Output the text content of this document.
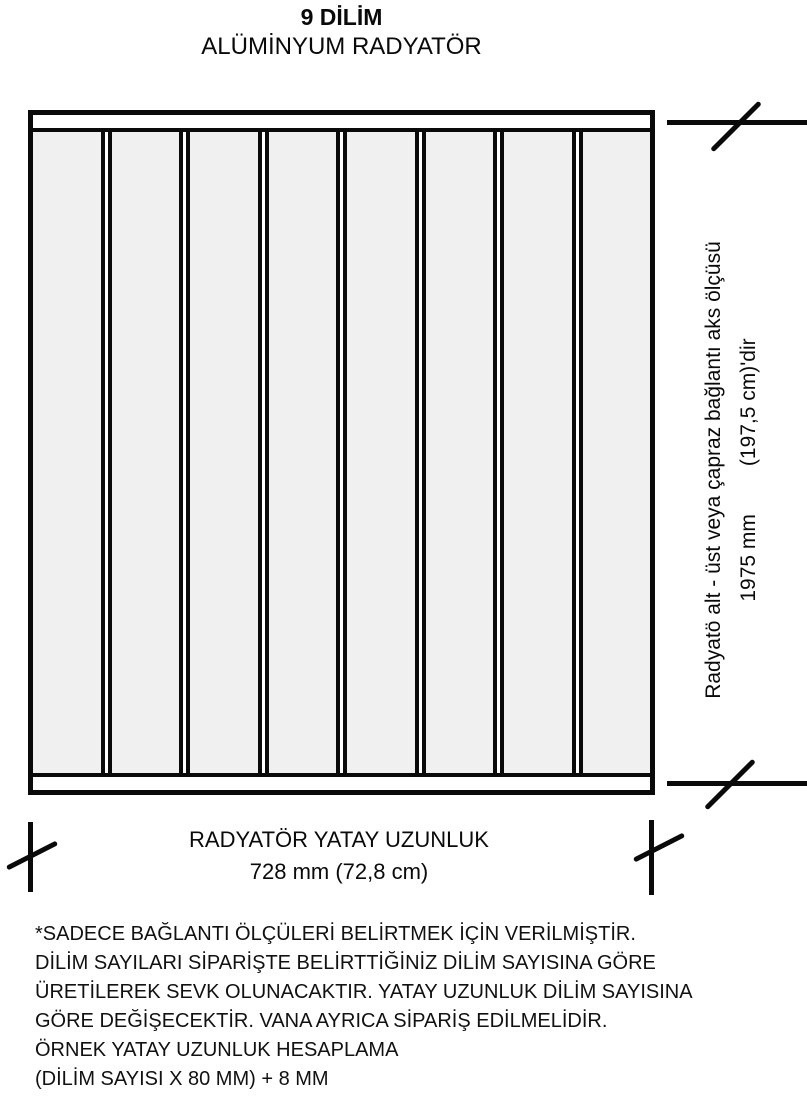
9 DİLİM
ALÜMİNYUM RADYATÖR
Radyatö alt - üst veya çapraz bağlantı aks ölçüsü 1975 mm(197,5 cm)'dir
RADYATÖR YATAY UZUNLUK
728 mm (72,8 cm)
*SADECE BAĞLANTI ÖLÇÜLERİ BELİRTMEK İÇİN VERİLMİŞTİR.
DİLİM SAYILARI SİPARİŞTE BELİRTTİĞİNİZ DİLİM SAYISINA GÖRE
ÜRETİLEREK SEVK OLUNACAKTIR. YATAY UZUNLUK DİLİM SAYISINA
GÖRE DEĞİŞECEKTİR. VANA AYRICA SİPARİŞ EDİLMELİDİR.
ÖRNEK YATAY UZUNLUK HESAPLAMA
(DİLİM SAYISI X 80 MM) + 8 MM
